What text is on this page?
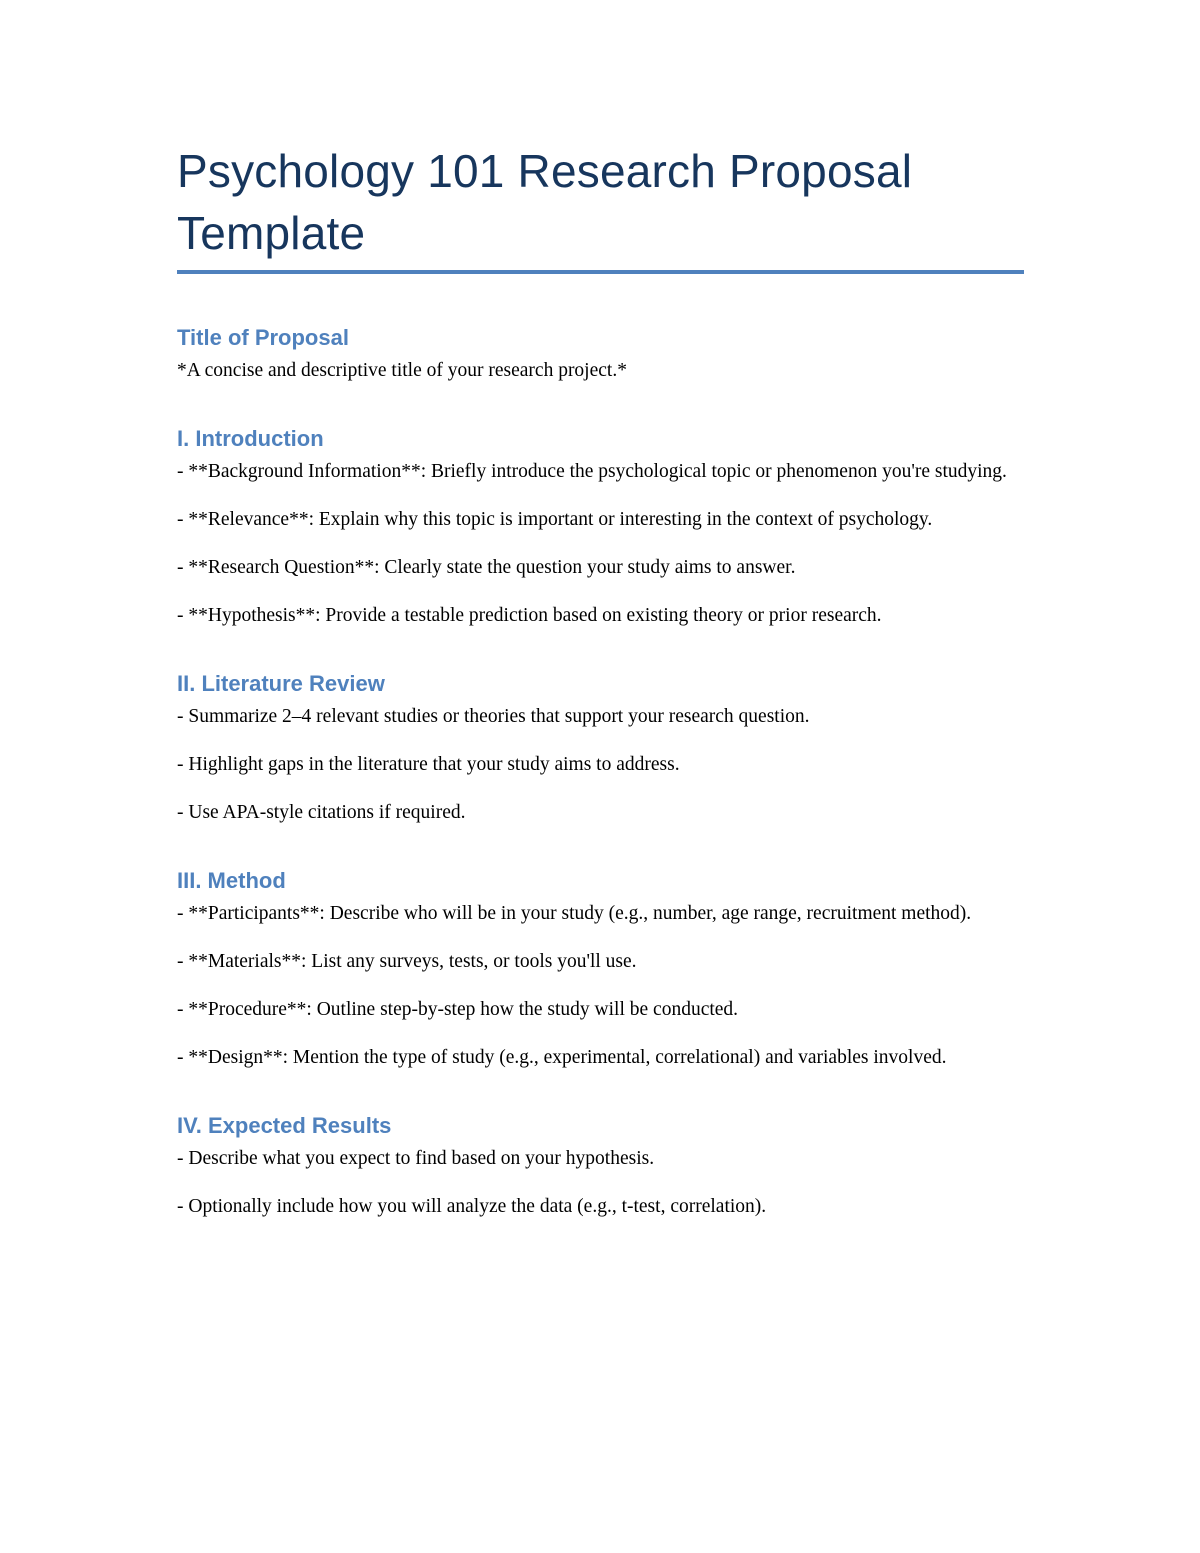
Psychology 101 Research Proposal Template
Title of Proposal

*A concise and descriptive title of your research project.*

I. Introduction

- **Background Information**: Briefly introduce the psychological topic or phenomenon you're studying.

- **Relevance**: Explain why this topic is important or interesting in the context of psychology.

- **Research Question**: Clearly state the question your study aims to answer.

- **Hypothesis**: Provide a testable prediction based on existing theory or prior research.

II. Literature Review

- Summarize 2–4 relevant studies or theories that support your research question.

- Highlight gaps in the literature that your study aims to address.

- Use APA-style citations if required.

III. Method

- **Participants**: Describe who will be in your study (e.g., number, age range, recruitment method).

- **Materials**: List any surveys, tests, or tools you'll use.

- **Procedure**: Outline step-by-step how the study will be conducted.

- **Design**: Mention the type of study (e.g., experimental, correlational) and variables involved.

IV. Expected Results

- Describe what you expect to find based on your hypothesis.

- Optionally include how you will analyze the data (e.g., t-test, correlation).
